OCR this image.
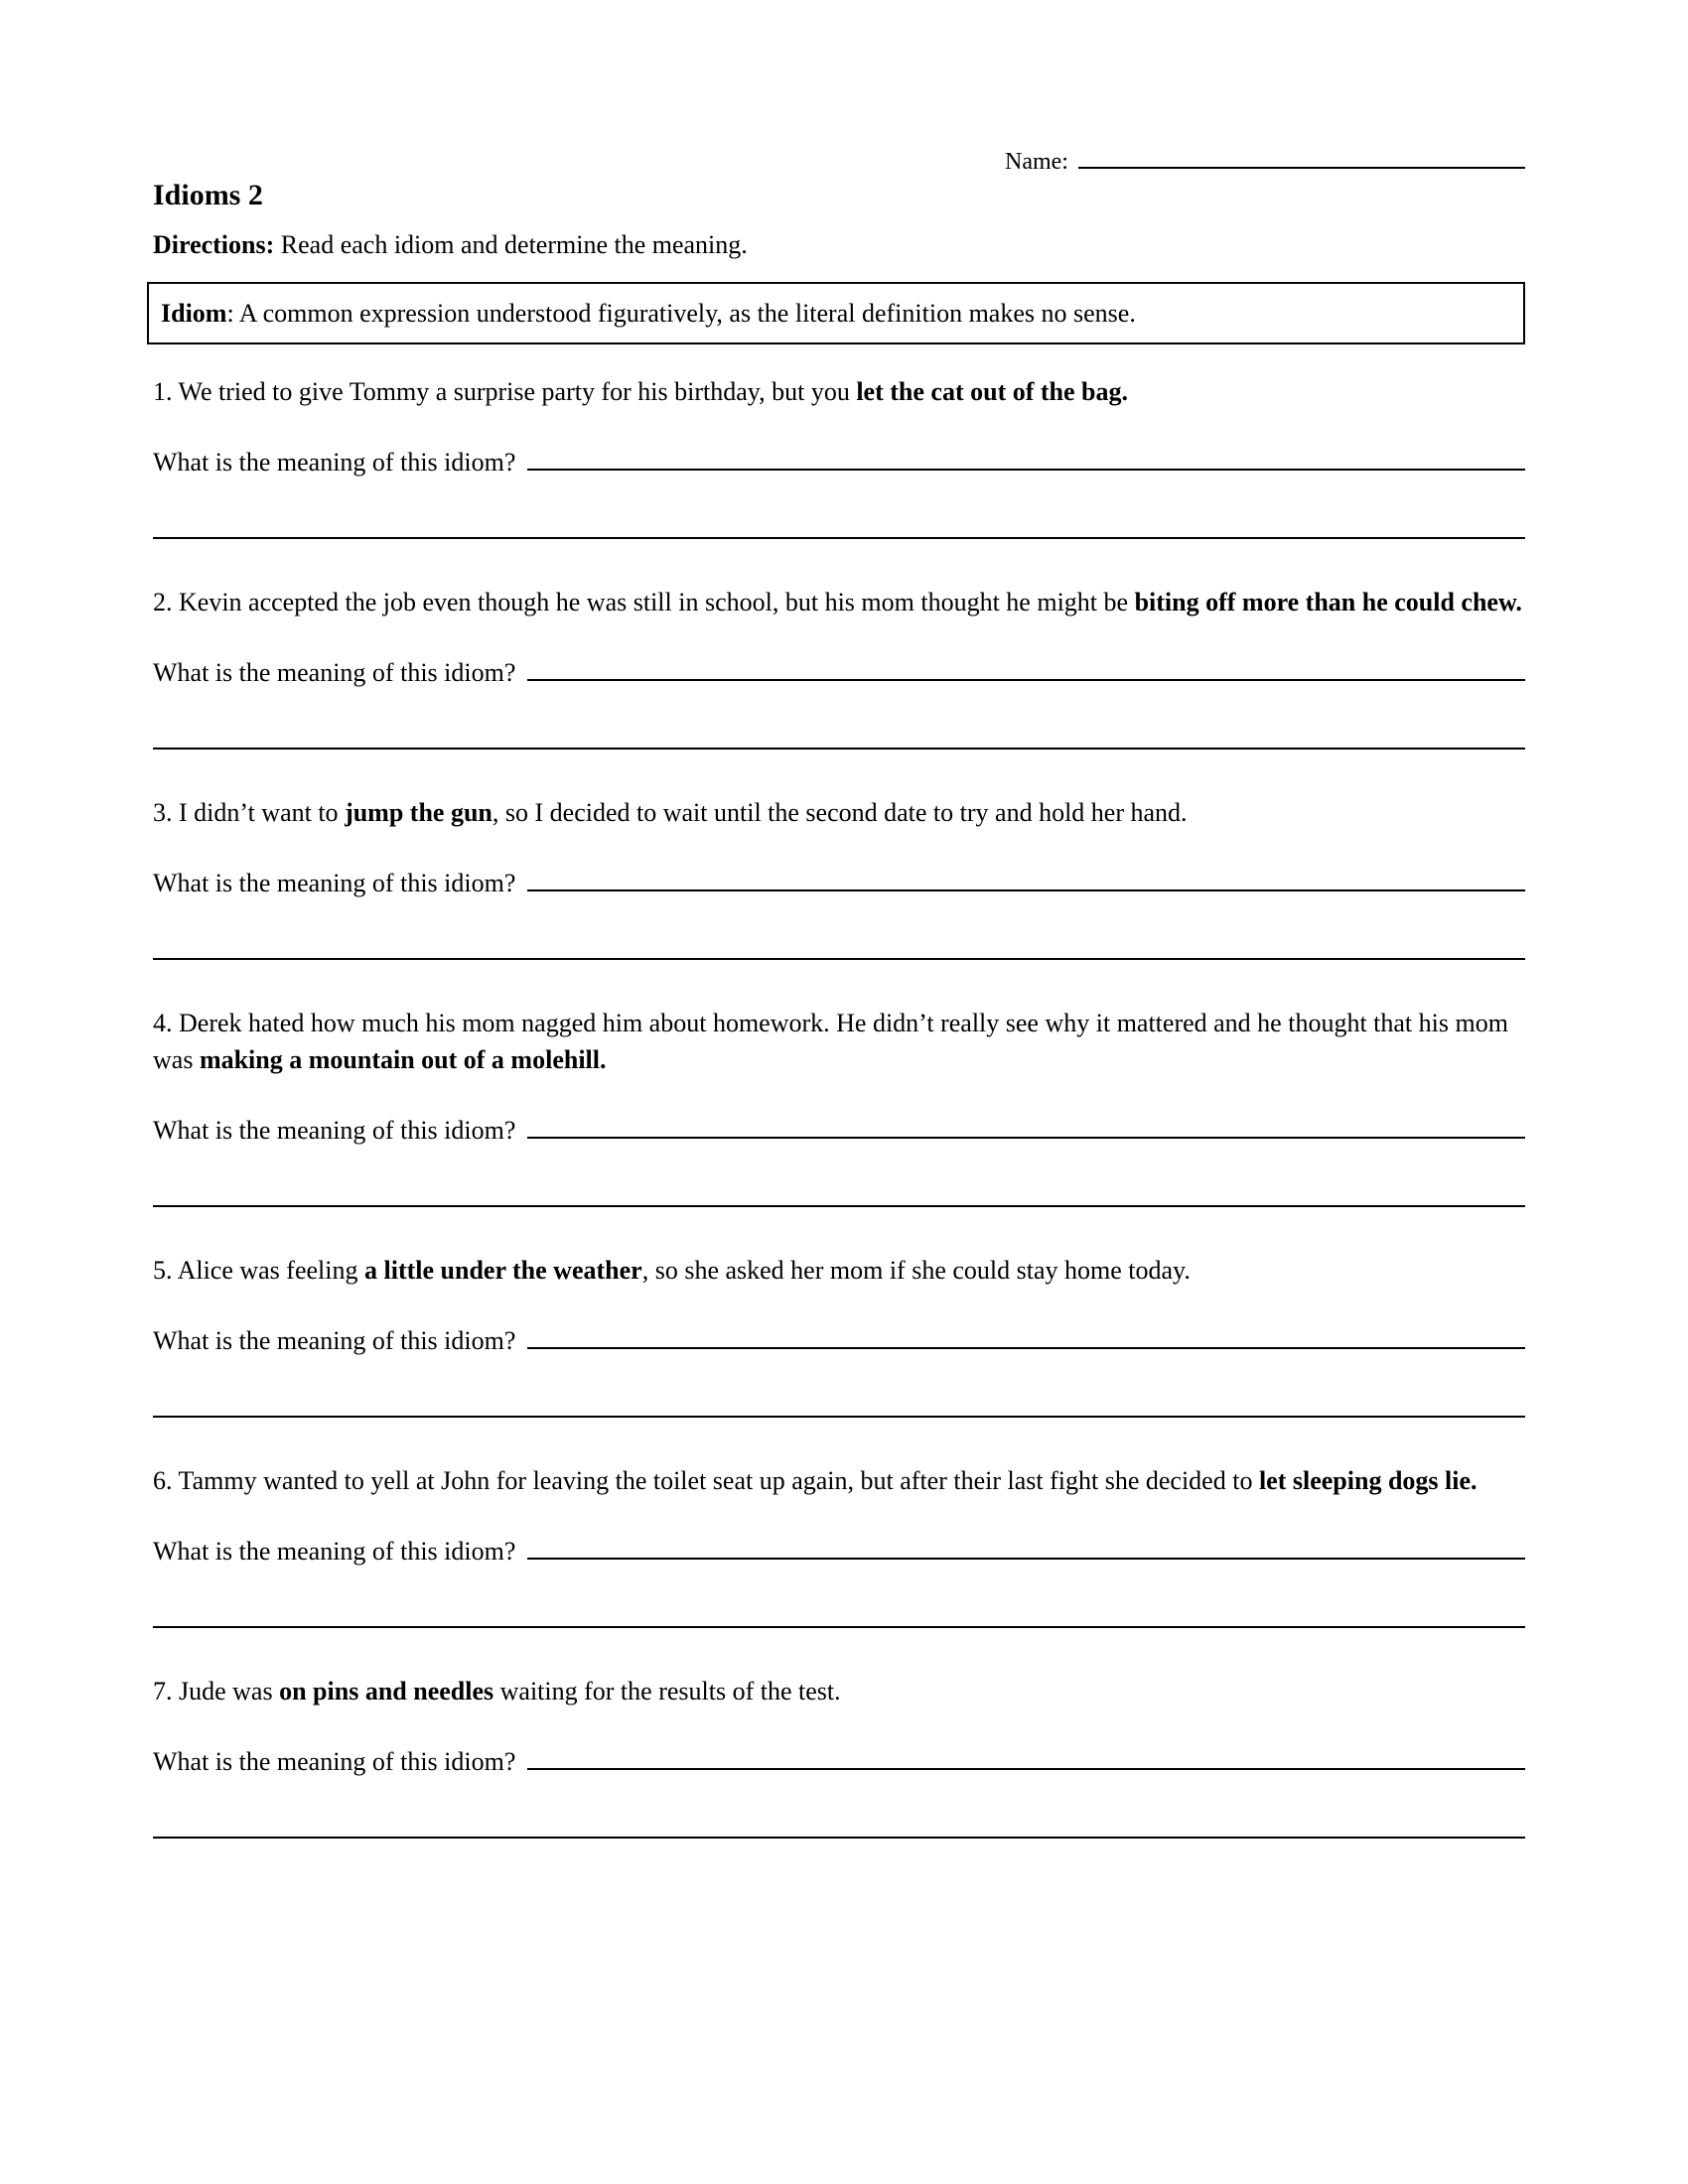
Name:
Idioms 2

Directions: Read each idiom and determine the meaning.

Idiom: A common expression understood figuratively, as the literal definition makes no sense.

1. We tried to give Tommy a surprise party for his birthday, but you let the cat out of the bag.

What is the meaning of this idiom?

2. Kevin accepted the job even though he was still in school, but his mom thought he might be biting off more than he could chew.

What is the meaning of this idiom?

3. I didn’t want to jump the gun, so I decided to wait until the second date to try and hold her hand.

What is the meaning of this idiom?

4. Derek hated how much his mom nagged him about homework. He didn’t really see why it mattered and he thought that his mom was making a mountain out of a molehill.

What is the meaning of this idiom?

5. Alice was feeling a little under the weather, so she asked her mom if she could stay home today.

What is the meaning of this idiom?

6. Tammy wanted to yell at John for leaving the toilet seat up again, but after their last fight she decided to let sleeping dogs lie.

What is the meaning of this idiom?

7. Jude was on pins and needles waiting for the results of the test.

What is the meaning of this idiom?
